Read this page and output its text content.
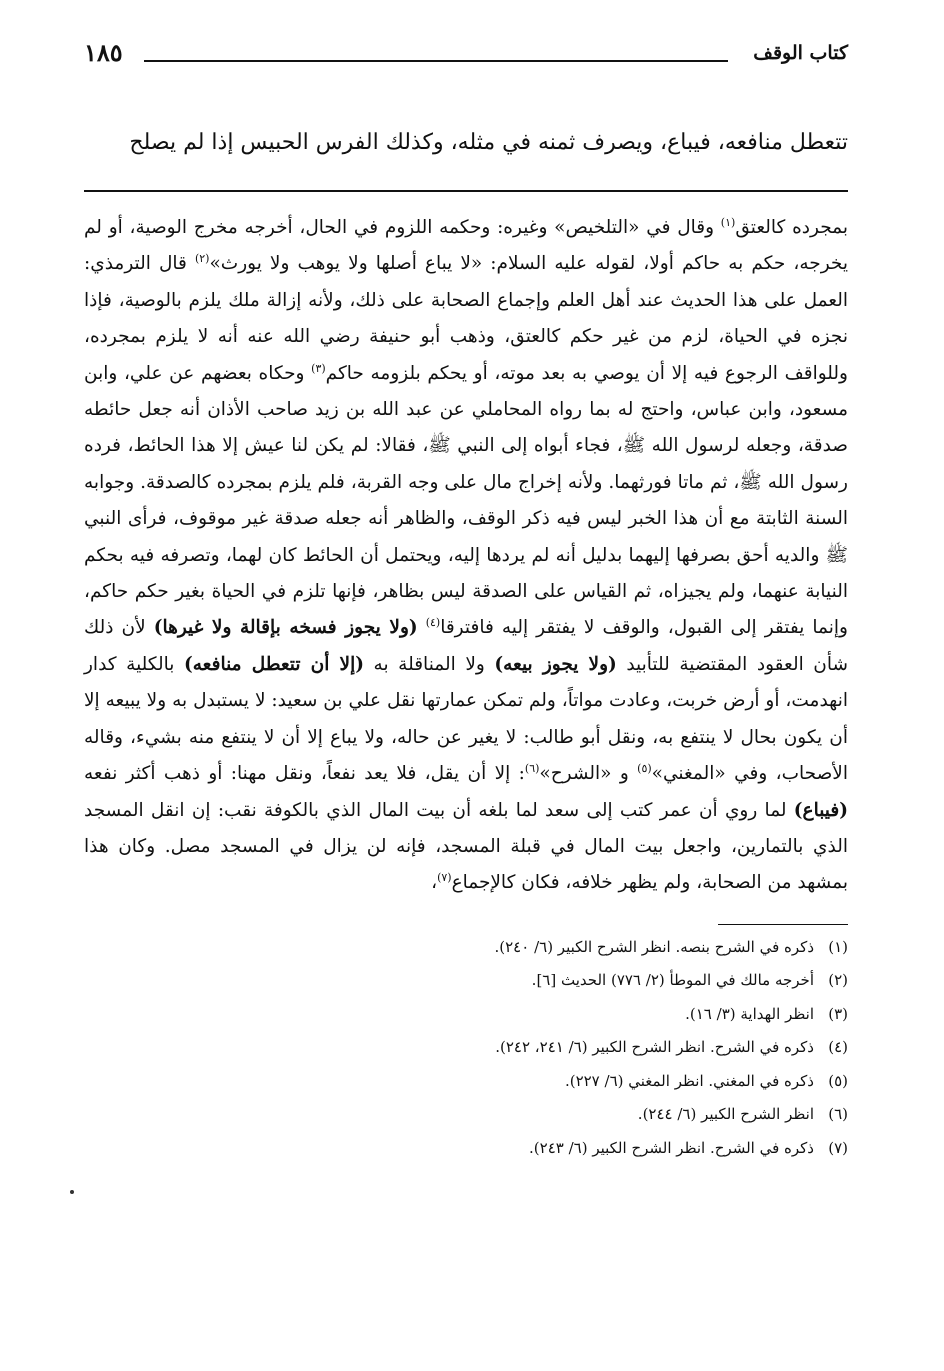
كتاب الوقف
١٨٥
تتعطل منافعه، فيباع، ويصرف ثمنه في مثله، وكذلك الفرس الحبيس إذا لم يصلح
بمجرده كالعتق$^{(١)}$ وقال في «التلخيص» وغيره: وحكمه اللزوم في الحال، أخرجه مخرج الوصية، أو لم يخرجه، حكم به حاكم أولا، لقوله عليه السلام: «لا يباع أصلها ولا يوهب ولا يورث»$^{(٢)}$ قال الترمذي: العمل على هذا الحديث عند أهل العلم وإجماع الصحابة على ذلك، ولأنه إزالة ملك يلزم بالوصية، فإذا نجزه في الحياة، لزم من غير حكم كالعتق، وذهب أبو حنيفة رضي الله عنه أنه لا يلزم بمجرده، وللواقف الرجوع فيه إلا أن يوصي به بعد موته، أو يحكم بلزومه حاكم$^{(٣)}$ وحكاه بعضهم عن علي، وابن مسعود، وابن عباس، واحتج له بما رواه المحاملي عن عبد الله بن زيد صاحب الأذان أنه جعل حائطه صدقة، وجعله لرسول الله ﷺ، فجاء أبواه إلى النبي ﷺ، فقالا: لم يكن لنا عيش إلا هذا الحائط، فرده رسول الله ﷺ، ثم ماتا فورثهما. ولأنه إخراج مال على وجه القربة، فلم يلزم بمجرده كالصدقة. وجوابه السنة الثابتة مع أن هذا الخبر ليس فيه ذكر الوقف، والظاهر أنه جعله صدقة غير موقوف، فرأى النبي ﷺ والديه أحق بصرفها إليهما بدليل أنه لم يردها إليه، ويحتمل أن الحائط كان لهما، وتصرفه فيه بحكم النيابة عنهما، ولم يجيزاه، ثم القياس على الصدقة ليس بظاهر، فإنها تلزم في الحياة بغير حكم حاكم، وإنما يفتقر إلى القبول، والوقف لا يفتقر إليه فافترقا$^{(٤)}$ (ولا يجوز فسخه بإقالة ولا غيرها) لأن ذلك شأن العقود المقتضية للتأبيد (ولا يجوز بيعه) ولا المناقلة به (إلا أن تتعطل منافعه) بالكلية كدار انهدمت، أو أرض خربت، وعادت مواتاً، ولم تمكن عمارتها نقل علي بن سعيد: لا يستبدل به ولا يبيعه إلا أن يكون بحال لا ينتفع به، ونقل أبو طالب: لا يغير عن حاله، ولا يباع إلا أن لا ينتفع منه بشيء، وقاله الأصحاب، وفي «المغني»$^{(٥)}$ و «الشرح»$^{(٦)}$: إلا أن يقل، فلا يعد نفعاً، ونقل مهنا: أو ذهب أكثر نفعه (فيباع) لما روي أن عمر كتب إلى سعد لما بلغه أن بيت المال الذي بالكوفة نقب: إن انقل المسجد الذي بالتمارين، واجعل بيت المال في قبلة المسجد، فإنه لن يزال في المسجد مصل. وكان هذا بمشهد من الصحابة، ولم يظهر خلافه، فكان كالإجماع$^{(٧)}$،
(١)ذكره في الشرح بنصه. انظر الشرح الكبير (٦/ ٢٤٠).
(٢)أخرجه مالك في الموطأ (٢/ ٧٧٦) الحديث [٦].
(٣)انظر الهداية (٣/ ١٦).
(٤)ذكره في الشرح. انظر الشرح الكبير (٦/ ٢٤١، ٢٤٢).
(٥)ذكره في المغني. انظر المغني (٦/ ٢٢٧).
(٦)انظر الشرح الكبير (٦/ ٢٤٤).
(٧)ذكره في الشرح. انظر الشرح الكبير (٦/ ٢٤٣).
